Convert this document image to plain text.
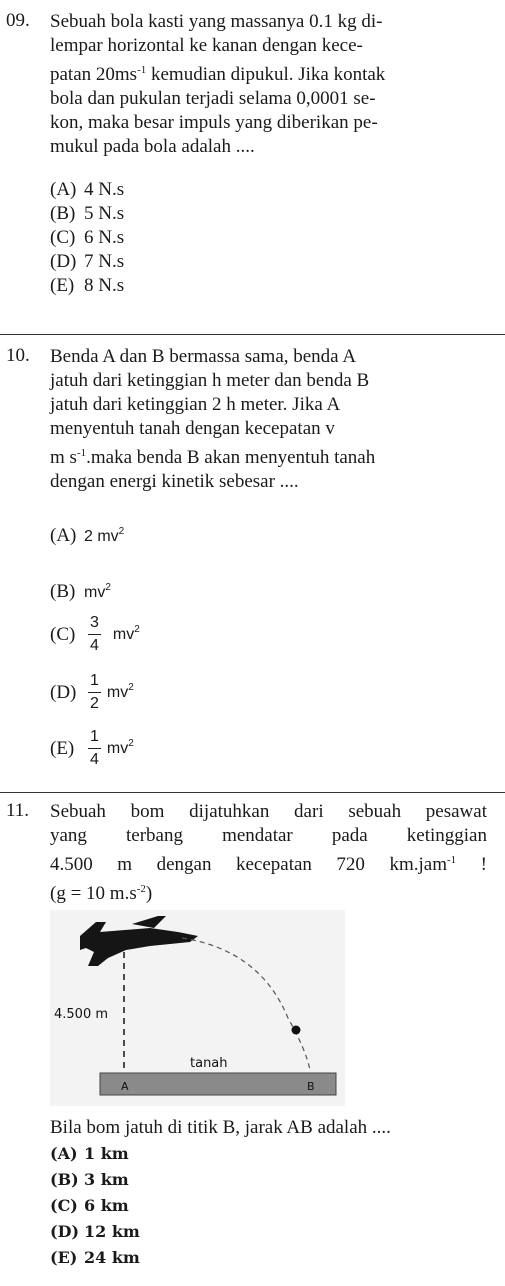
09. Sebuah bola kasti yang massanya 0.1 kg di-
lempar horizontal ke kanan dengan kece-
patan $20ms^{-1}$ kemudian dipukul. Jika kontak
bola dan pukulan terjadi selama 0,0001 se-
kon, maka besar impuls yang diberikan pe-
mukul pada bola adalah ....
(A) 4 N.s
(B) 5 N.s
(C) 6 N.s
(D) 7 N.s
(E) 8 N.s
10. Benda A dan B bermassa sama, benda A
jatuh dari ketinggian h meter dan benda B
jatuh dari ketinggian 2 h meter. Jika A
menyentuh tanah dengan kecepatan v
m $s^{-1}.maka$ benda B akan menyentuh tanah
dengan energi kinetik sebesar ....
(A) 2 $mv^2$
(B) $mv^2$
$(C) \frac{3}{4} mv^2$
$(D) \frac{1}{2} mv^2$
$(E) \frac{1}{4} mv^2$
11. Sebuah bom dijatuhkan dari sebuah pesawat
yang terbang mendatar pada ketinggian
4.500 m dengan kecepatan 720 km.jam$^{-1}$ !
(g = 10 $m.s^{-2}$)
4.500 m
tanah
A	B
Bila bom jatuh di titik B, jarak AB adalah ....
(A) 1 km
(B) 3 km
(C) 6 km
(D) 12 km
(E) 24 km
